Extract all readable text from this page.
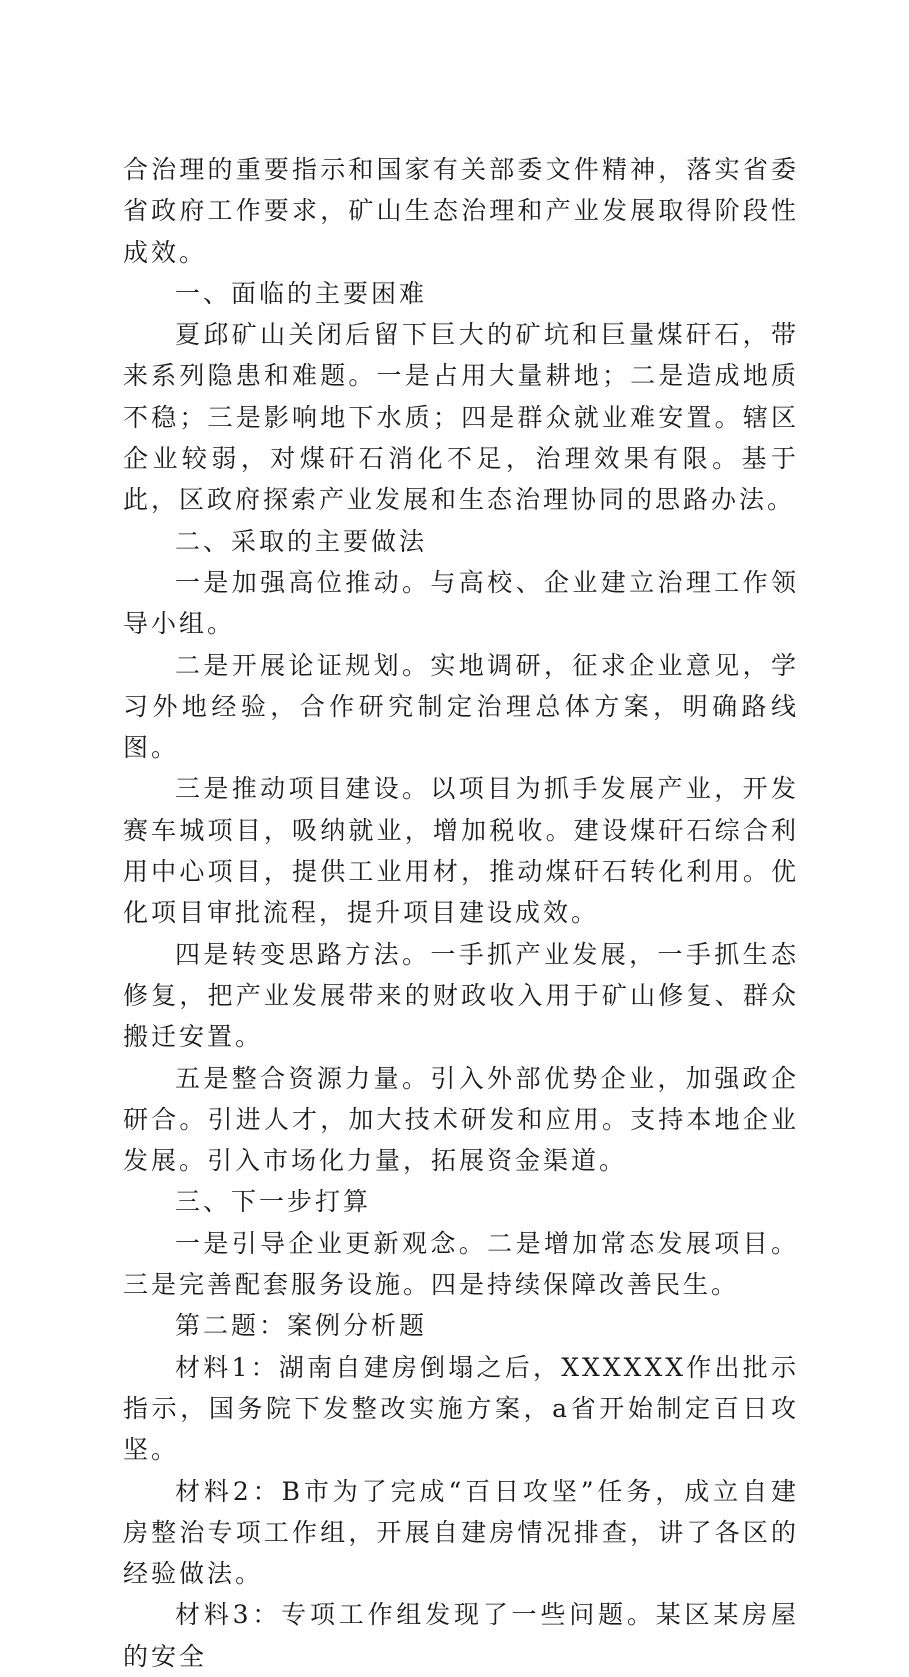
合治理的重要指示和国家有关部委文件精神，落实省委省政府工作要求，矿山生态治理和产业发展取得阶段性成效。

一、面临的主要困难

夏邱矿山关闭后留下巨大的矿坑和巨量煤矸石，带来系列隐患和难题。一是占用大量耕地；二是造成地质不稳；三是影响地下水质；四是群众就业难安置。辖区企业较弱，对煤矸石消化不足，治理效果有限。基于此，区政府探索产业发展和生态治理协同的思路办法。

二、采取的主要做法

一是加强高位推动。与高校、企业建立治理工作领导小组。

二是开展论证规划。实地调研，征求企业意见，学习外地经验，合作研究制定治理总体方案，明确路线图。

三是推动项目建设。以项目为抓手发展产业，开发赛车城项目，吸纳就业，增加税收。建设煤矸石综合利用中心项目，提供工业用材，推动煤矸石转化利用。优化项目审批流程，提升项目建设成效。

四是转变思路方法。一手抓产业发展，一手抓生态修复，把产业发展带来的财政收入用于矿山修复、群众搬迁安置。

五是整合资源力量。引入外部优势企业，加强政企研合。引进人才，加大技术研发和应用。支持本地企业发展。引入市场化力量，拓展资金渠道。

三、下一步打算

一是引导企业更新观念。二是增加常态发展项目。三是完善配套服务设施。四是持续保障改善民生。

第二题：案例分析题

材料1：湖南自建房倒塌之后，XXXXXX作出批示指示，国务院下发整改实施方案，a省开始制定百日攻坚。

材料2：B市为了完成“百日攻坚”任务，成立自建房整治专项工作组，开展自建房情况排查，讲了各区的经验做法。

材料3：专项工作组发现了一些问题。某区某房屋的安全
